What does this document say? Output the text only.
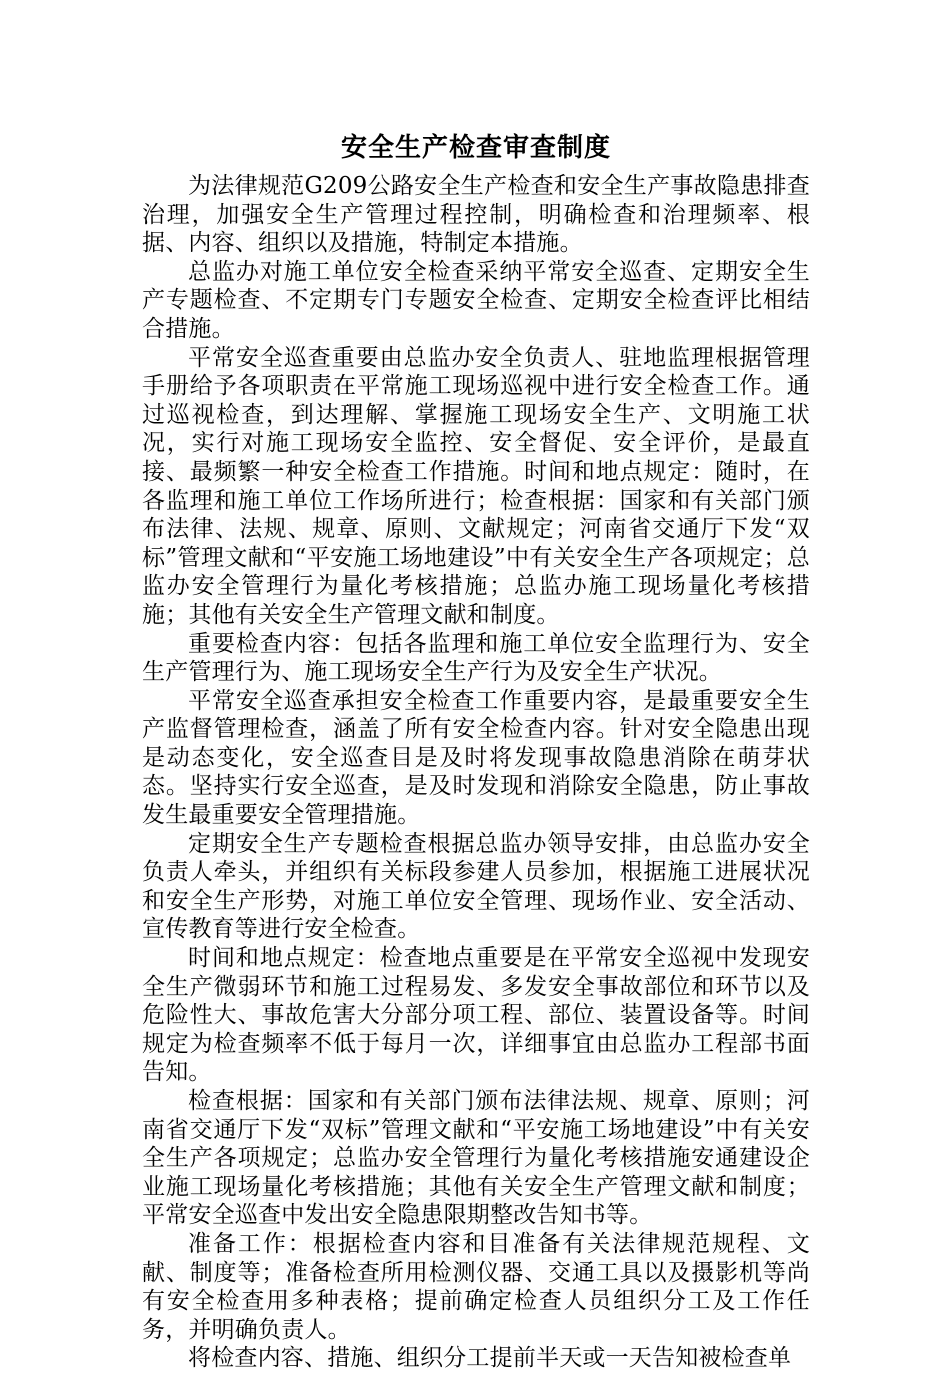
安全生产检查审查制度

为法律规范G209公路安全生产检查和安全生产事故隐患排查治理，加强安全生产管理过程控制，明确检查和治理频率、根据、内容、组织以及措施，特制定本措施。

总监办对施工单位安全检查采纳平常安全巡查、定期安全生产专题检查、不定期专门专题安全检查、定期安全检查评比相结合措施。

平常安全巡查重要由总监办安全负责人、驻地监理根据管理手册给予各项职责在平常施工现场巡视中进行安全检查工作。通过巡视检查，到达理解、掌握施工现场安全生产、文明施工状况，实行对施工现场安全监控、安全督促、安全评价，是最直接、最频繁一种安全检查工作措施。时间和地点规定：随时，在各监理和施工单位工作场所进行；检查根据：国家和有关部门颁布法律、法规、规章、原则、文献规定；河南省交通厅下发“双标”管理文献和“平安施工场地建设”中有关安全生产各项规定；总监办安全管理行为量化考核措施；总监办施工现场量化考核措施；其他有关安全生产管理文献和制度。

重要检查内容：包括各监理和施工单位安全监理行为、安全生产管理行为、施工现场安全生产行为及安全生产状况。

平常安全巡查承担安全检查工作重要内容，是最重要安全生产监督管理检查，涵盖了所有安全检查内容。针对安全隐患出现是动态变化，安全巡查目是及时将发现事故隐患消除在萌芽状态。坚持实行安全巡查，是及时发现和消除安全隐患，防止事故发生最重要安全管理措施。

定期安全生产专题检查根据总监办领导安排，由总监办安全负责人牵头，并组织有关标段参建人员参加，根据施工进展状况和安全生产形势，对施工单位安全管理、现场作业、安全活动、宣传教育等进行安全检查。

时间和地点规定：检查地点重要是在平常安全巡视中发现安全生产微弱环节和施工过程易发、多发安全事故部位和环节以及危险性大、事故危害大分部分项工程、部位、装置设备等。时间规定为检查频率不低于每月一次，详细事宜由总监办工程部书面告知。

检查根据：国家和有关部门颁布法律法规、规章、原则；河南省交通厅下发“双标”管理文献和“平安施工场地建设”中有关安全生产各项规定；总监办安全管理行为量化考核措施安通建设企业施工现场量化考核措施；其他有关安全生产管理文献和制度；平常安全巡查中发出安全隐患限期整改告知书等。

准备工作：根据检查内容和目准备有关法律规范规程、文献、制度等；准备检查所用检测仪器、交通工具以及摄影机等尚有安全检查用多种表格；提前确定检查人员组织分工及工作任务，并明确负责人。

将检查内容、措施、组织分工提前半天或一天告知被检查单
